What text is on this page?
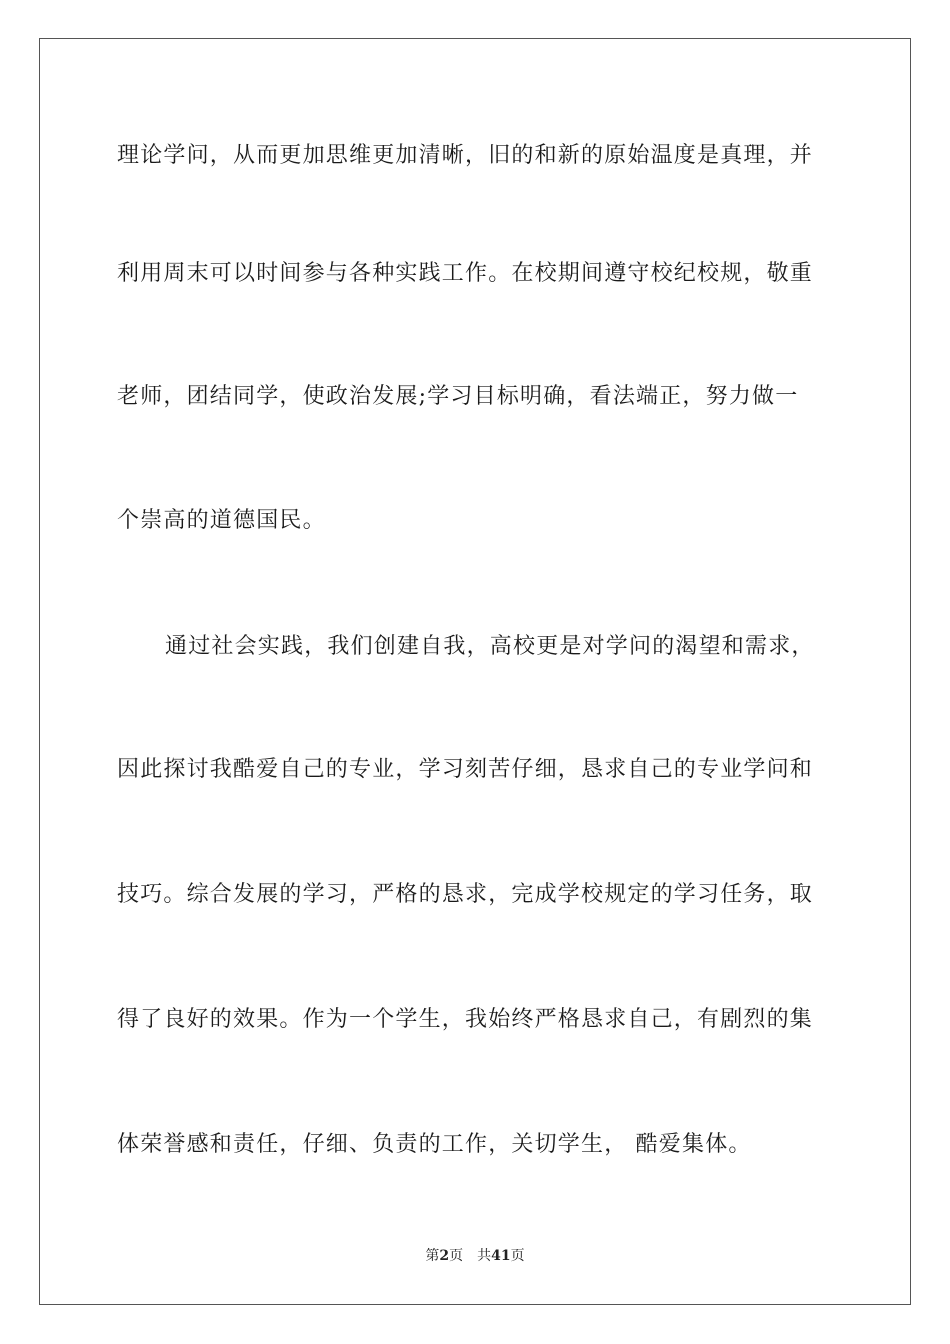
理论学问，从而更加思维更加清晰，旧的和新的原始温度是真理，并
利用周末可以时间参与各种实践工作。在校期间遵守校纪校规，敬重
老师，团结同学，使政治发展;学习目标明确，看法端正，努力做一
个崇高的道德国民。
通过社会实践，我们创建自我，高校更是对学问的渴望和需求，
因此探讨我酷爱自己的专业，学习刻苦仔细，恳求自己的专业学问和
技巧。综合发展的学习，严格的恳求，完成学校规定的学习任务，取
得了良好的效果。作为一个学生，我始终严格恳求自己，有剧烈的集
体荣誉感和责任，仔细、负责的工作，关切学生， 酷爱集体。
第2页 共41页
